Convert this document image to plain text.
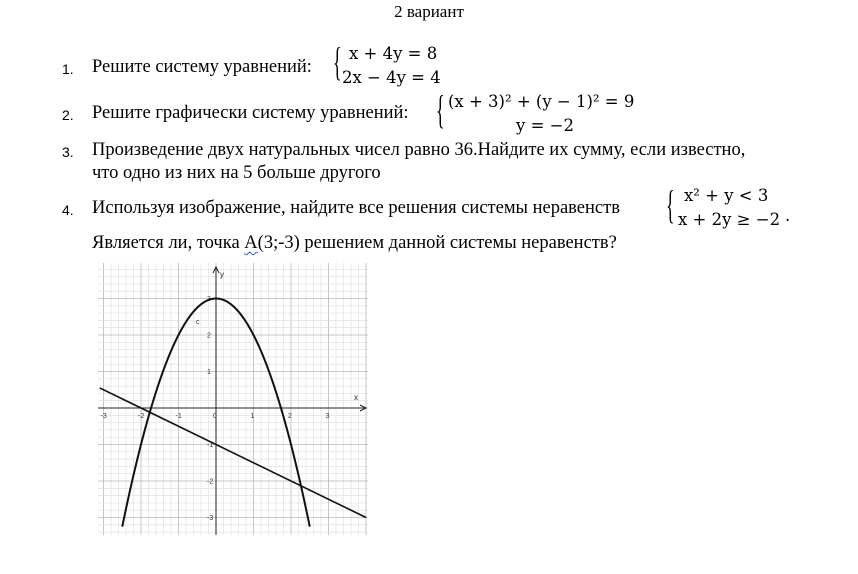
2 вариант
1. Решите систему уравнений: { x + 4y = 8
2x − 4y = 4
2. Решите графически систему уравнений: { (x + 3)² + (y − 1)² = 9
y = −2
3. Произведение двух натуральных чисел равно 36.Найдите их сумму, если известно,
что одно из них на 5 больше другого
4. Используя изображение, найдите все решения системы неравенств { x² + y < 3
x + 2y ≥ −2 .
Является ли, точка А(3;-3) решением данной системы неравенств?
x
y
-3	-2	-1	0	1	2	3
3
2
1
-1
-2
-3
c
